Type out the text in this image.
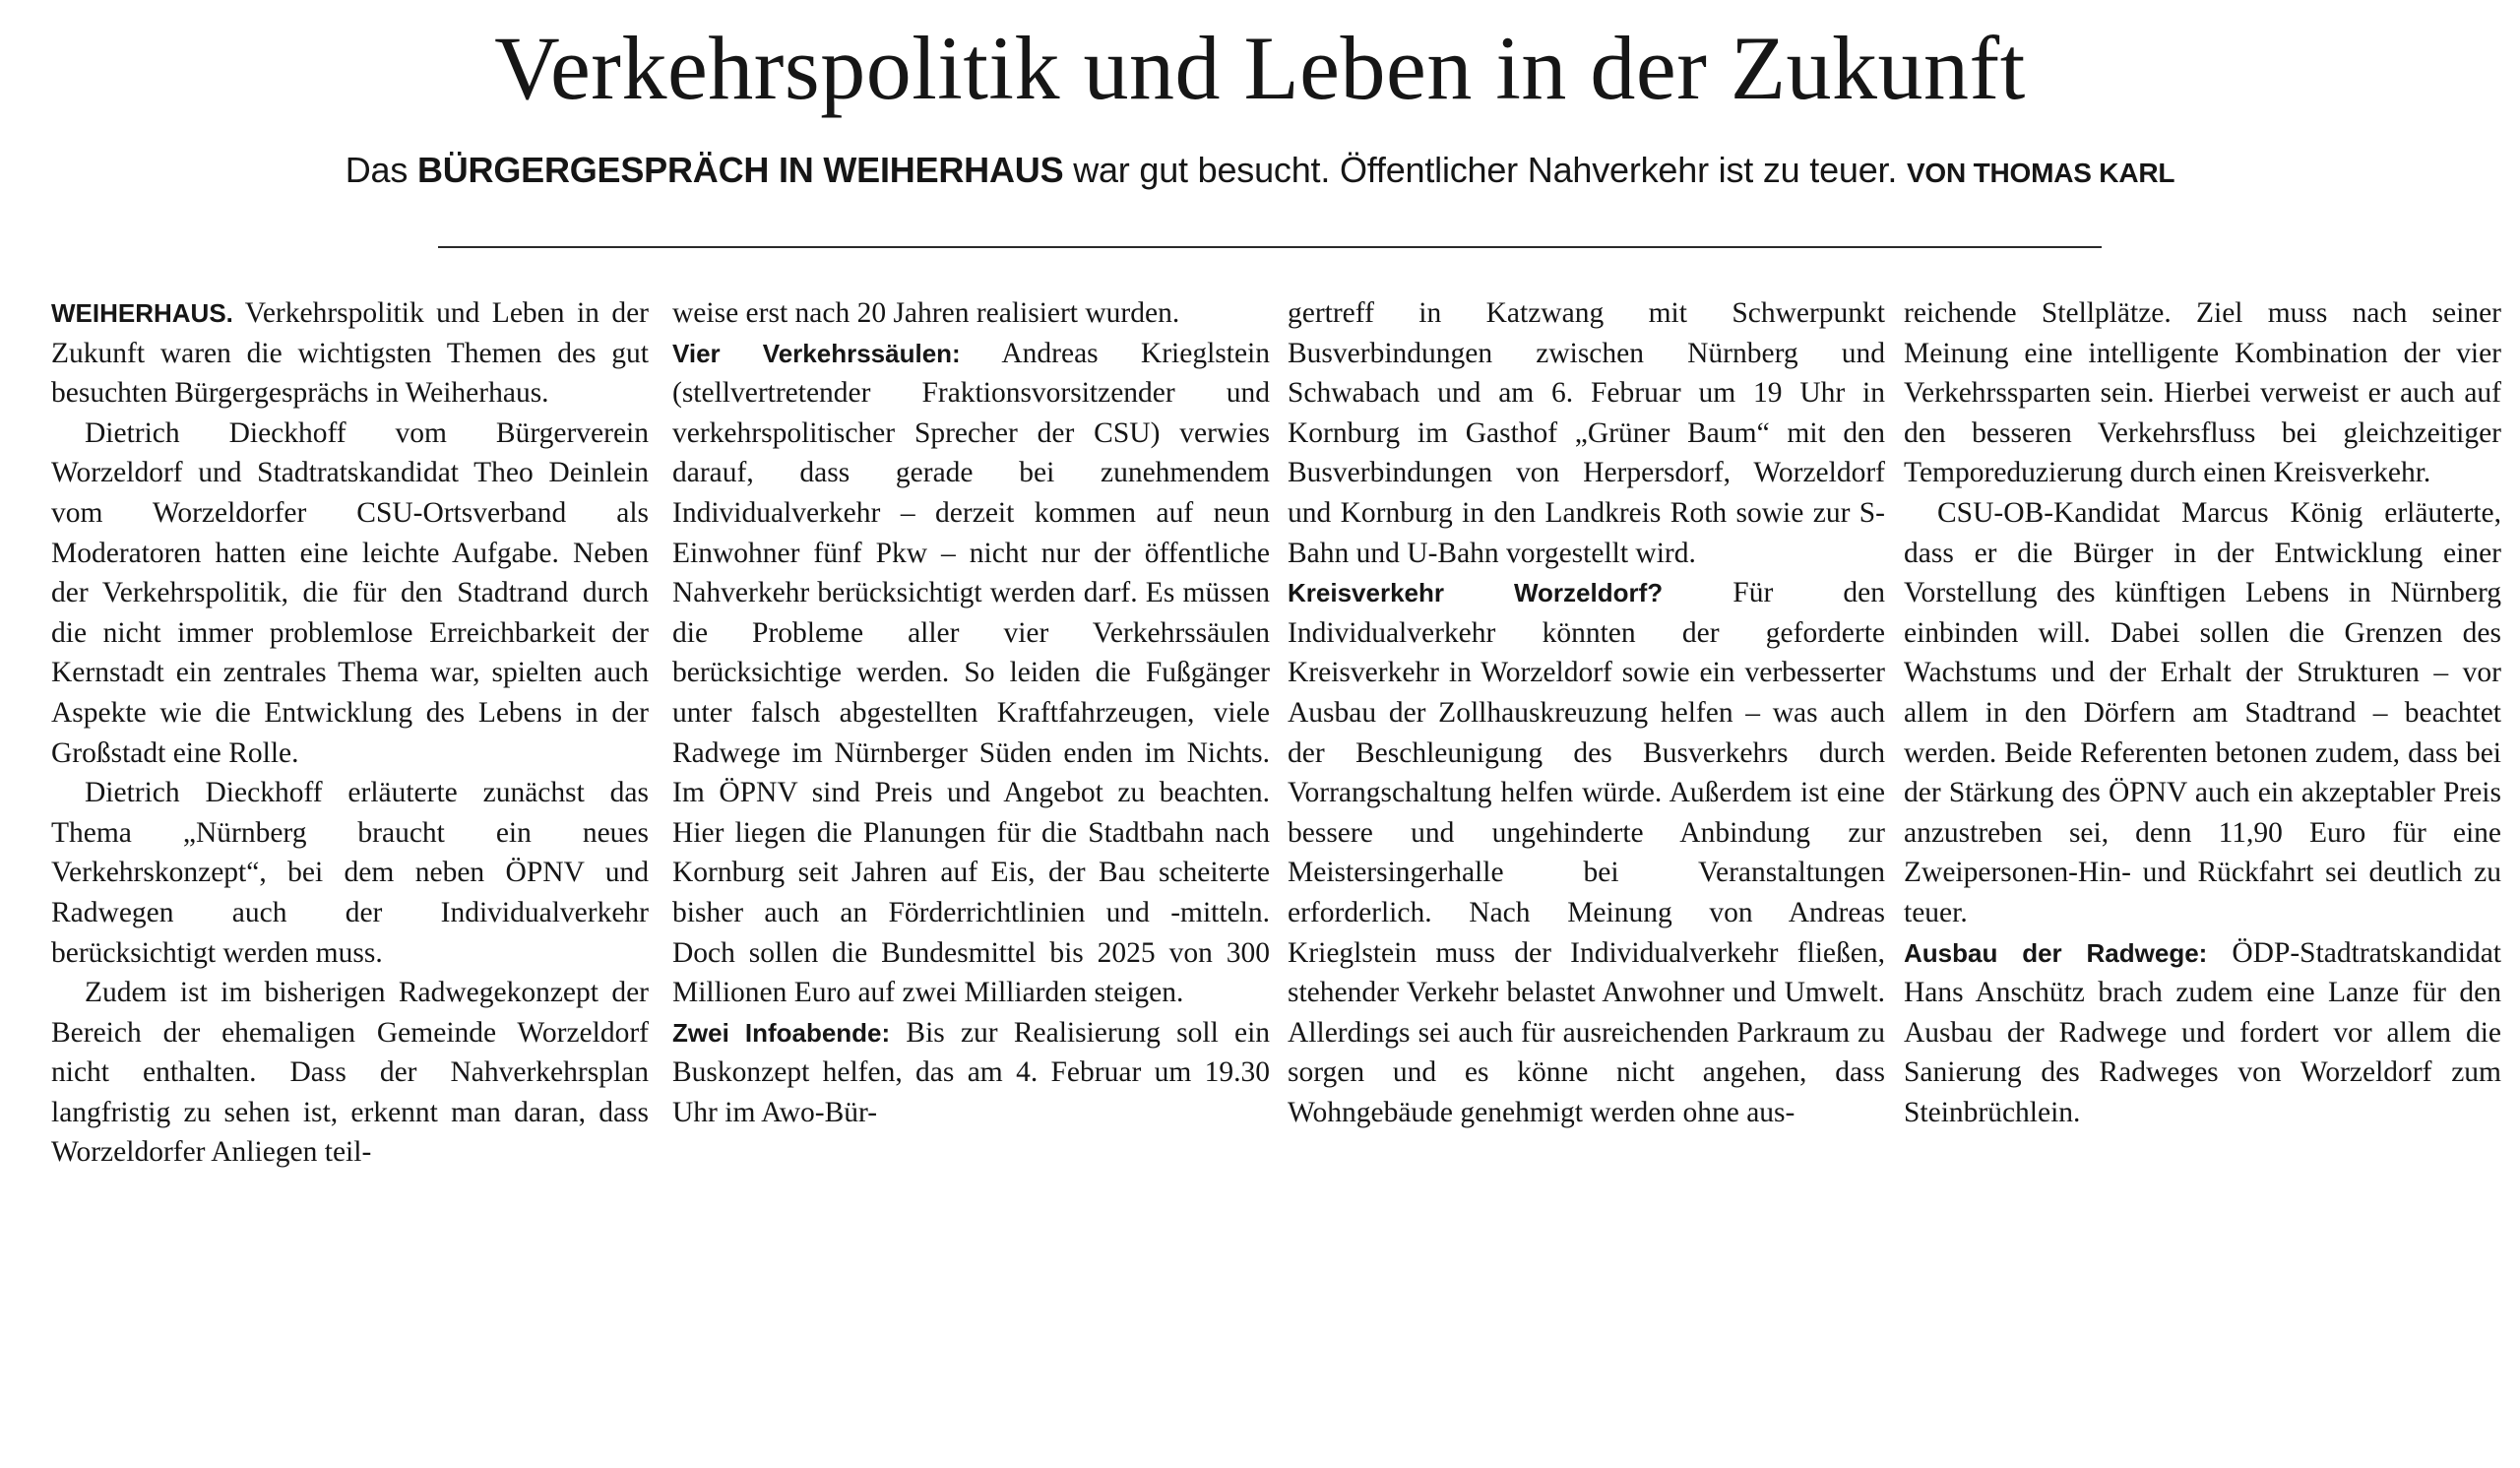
Verkehrspolitik und Leben in der Zukunft
Das BÜRGERGESPRÄCH IN WEIHERHAUS war gut besucht. Öffentlicher Nahverkehr ist zu teuer. VON THOMAS KARL

WEIHERHAUS. Verkehrspolitik und Leben in der Zukunft waren die wichtigsten Themen des gut besuchten Bürgergesprächs in Weiherhaus.

Dietrich Dieckhoff vom Bürgerverein Worzeldorf und Stadtratskandidat Theo Deinlein vom Worzeldorfer CSU-Ortsverband als Moderatoren hatten eine leichte Aufgabe. Neben der Verkehrspolitik, die für den Stadtrand durch die nicht immer problemlose Erreichbarkeit der Kernstadt ein zentrales Thema war, spielten auch Aspekte wie die Entwicklung des Lebens in der Großstadt eine Rolle.

Dietrich Dieckhoff erläuterte zunächst das Thema „Nürnberg braucht ein neues Verkehrskonzept“, bei dem neben ÖPNV und Radwegen auch der Individualverkehr berücksichtigt werden muss.

Zudem ist im bisherigen Radwegekonzept der Bereich der ehemaligen Gemeinde Worzeldorf nicht enthalten. Dass der Nahverkehrsplan langfristig zu sehen ist, erkennt man daran, dass Worzeldorfer Anliegen teil-

weise erst nach 20 Jahren realisiert wurden.

Vier Verkehrssäulen: Andreas Krieglstein (stellvertretender Fraktionsvorsitzender und verkehrspolitischer Sprecher der CSU) verwies darauf, dass gerade bei zunehmendem Individualverkehr – derzeit kommen auf neun Einwohner fünf Pkw – nicht nur der öffentliche Nahverkehr berücksichtigt werden darf. Es müssen die Probleme aller vier Verkehrssäulen berücksichtige werden. So leiden die Fußgänger unter falsch abgestellten Kraftfahrzeugen, viele Radwege im Nürnberger Süden enden im Nichts. Im ÖPNV sind Preis und Angebot zu beachten. Hier liegen die Planungen für die Stadtbahn nach Kornburg seit Jahren auf Eis, der Bau scheiterte bisher auch an Förderrichtlinien und -mitteln. Doch sollen die Bundesmittel bis 2025 von 300 Millionen Euro auf zwei Milliarden steigen.

Zwei Infoabende: Bis zur Realisierung soll ein Buskonzept helfen, das am 4. Februar um 19.30 Uhr im Awo-Bür-

gertreff in Katzwang mit Schwerpunkt Busverbindungen zwischen Nürnberg und Schwabach und am 6. Februar um 19 Uhr in Kornburg im Gasthof „Grüner Baum“ mit den Busverbindungen von Herpersdorf, Worzeldorf und Kornburg in den Landkreis Roth sowie zur S-Bahn und U-Bahn vorgestellt wird.

Kreisverkehr Worzeldorf? Für den Individualverkehr könnten der geforderte Kreisverkehr in Worzeldorf sowie ein verbesserter Ausbau der Zollhauskreuzung helfen – was auch der Beschleunigung des Busverkehrs durch Vorrangschaltung helfen würde. Außerdem ist eine bessere und ungehinderte Anbindung zur Meistersingerhalle bei Veranstaltungen erforderlich. Nach Meinung von Andreas Krieglstein muss der Individualverkehr fließen, stehender Verkehr belastet Anwohner und Umwelt. Allerdings sei auch für ausreichenden Parkraum zu sorgen und es könne nicht angehen, dass Wohngebäude genehmigt werden ohne aus-

reichende Stellplätze. Ziel muss nach seiner Meinung eine intelligente Kombination der vier Verkehrssparten sein. Hierbei verweist er auch auf den besseren Verkehrsfluss bei gleichzeitiger Temporeduzierung durch einen Kreisverkehr.

CSU-OB-Kandidat Marcus König erläuterte, dass er die Bürger in der Entwicklung einer Vorstellung des künftigen Lebens in Nürnberg einbinden will. Dabei sollen die Grenzen des Wachstums und der Erhalt der Strukturen – vor allem in den Dörfern am Stadtrand – beachtet werden. Beide Referenten betonen zudem, dass bei der Stärkung des ÖPNV auch ein akzeptabler Preis anzustreben sei, denn 11,90 Euro für eine Zweipersonen-Hin- und Rückfahrt sei deutlich zu teuer.

Ausbau der Radwege: ÖDP-Stadtratskandidat Hans Anschütz brach zudem eine Lanze für den Ausbau der Radwege und fordert vor allem die Sanierung des Radweges von Worzeldorf zum Steinbrüchlein.
